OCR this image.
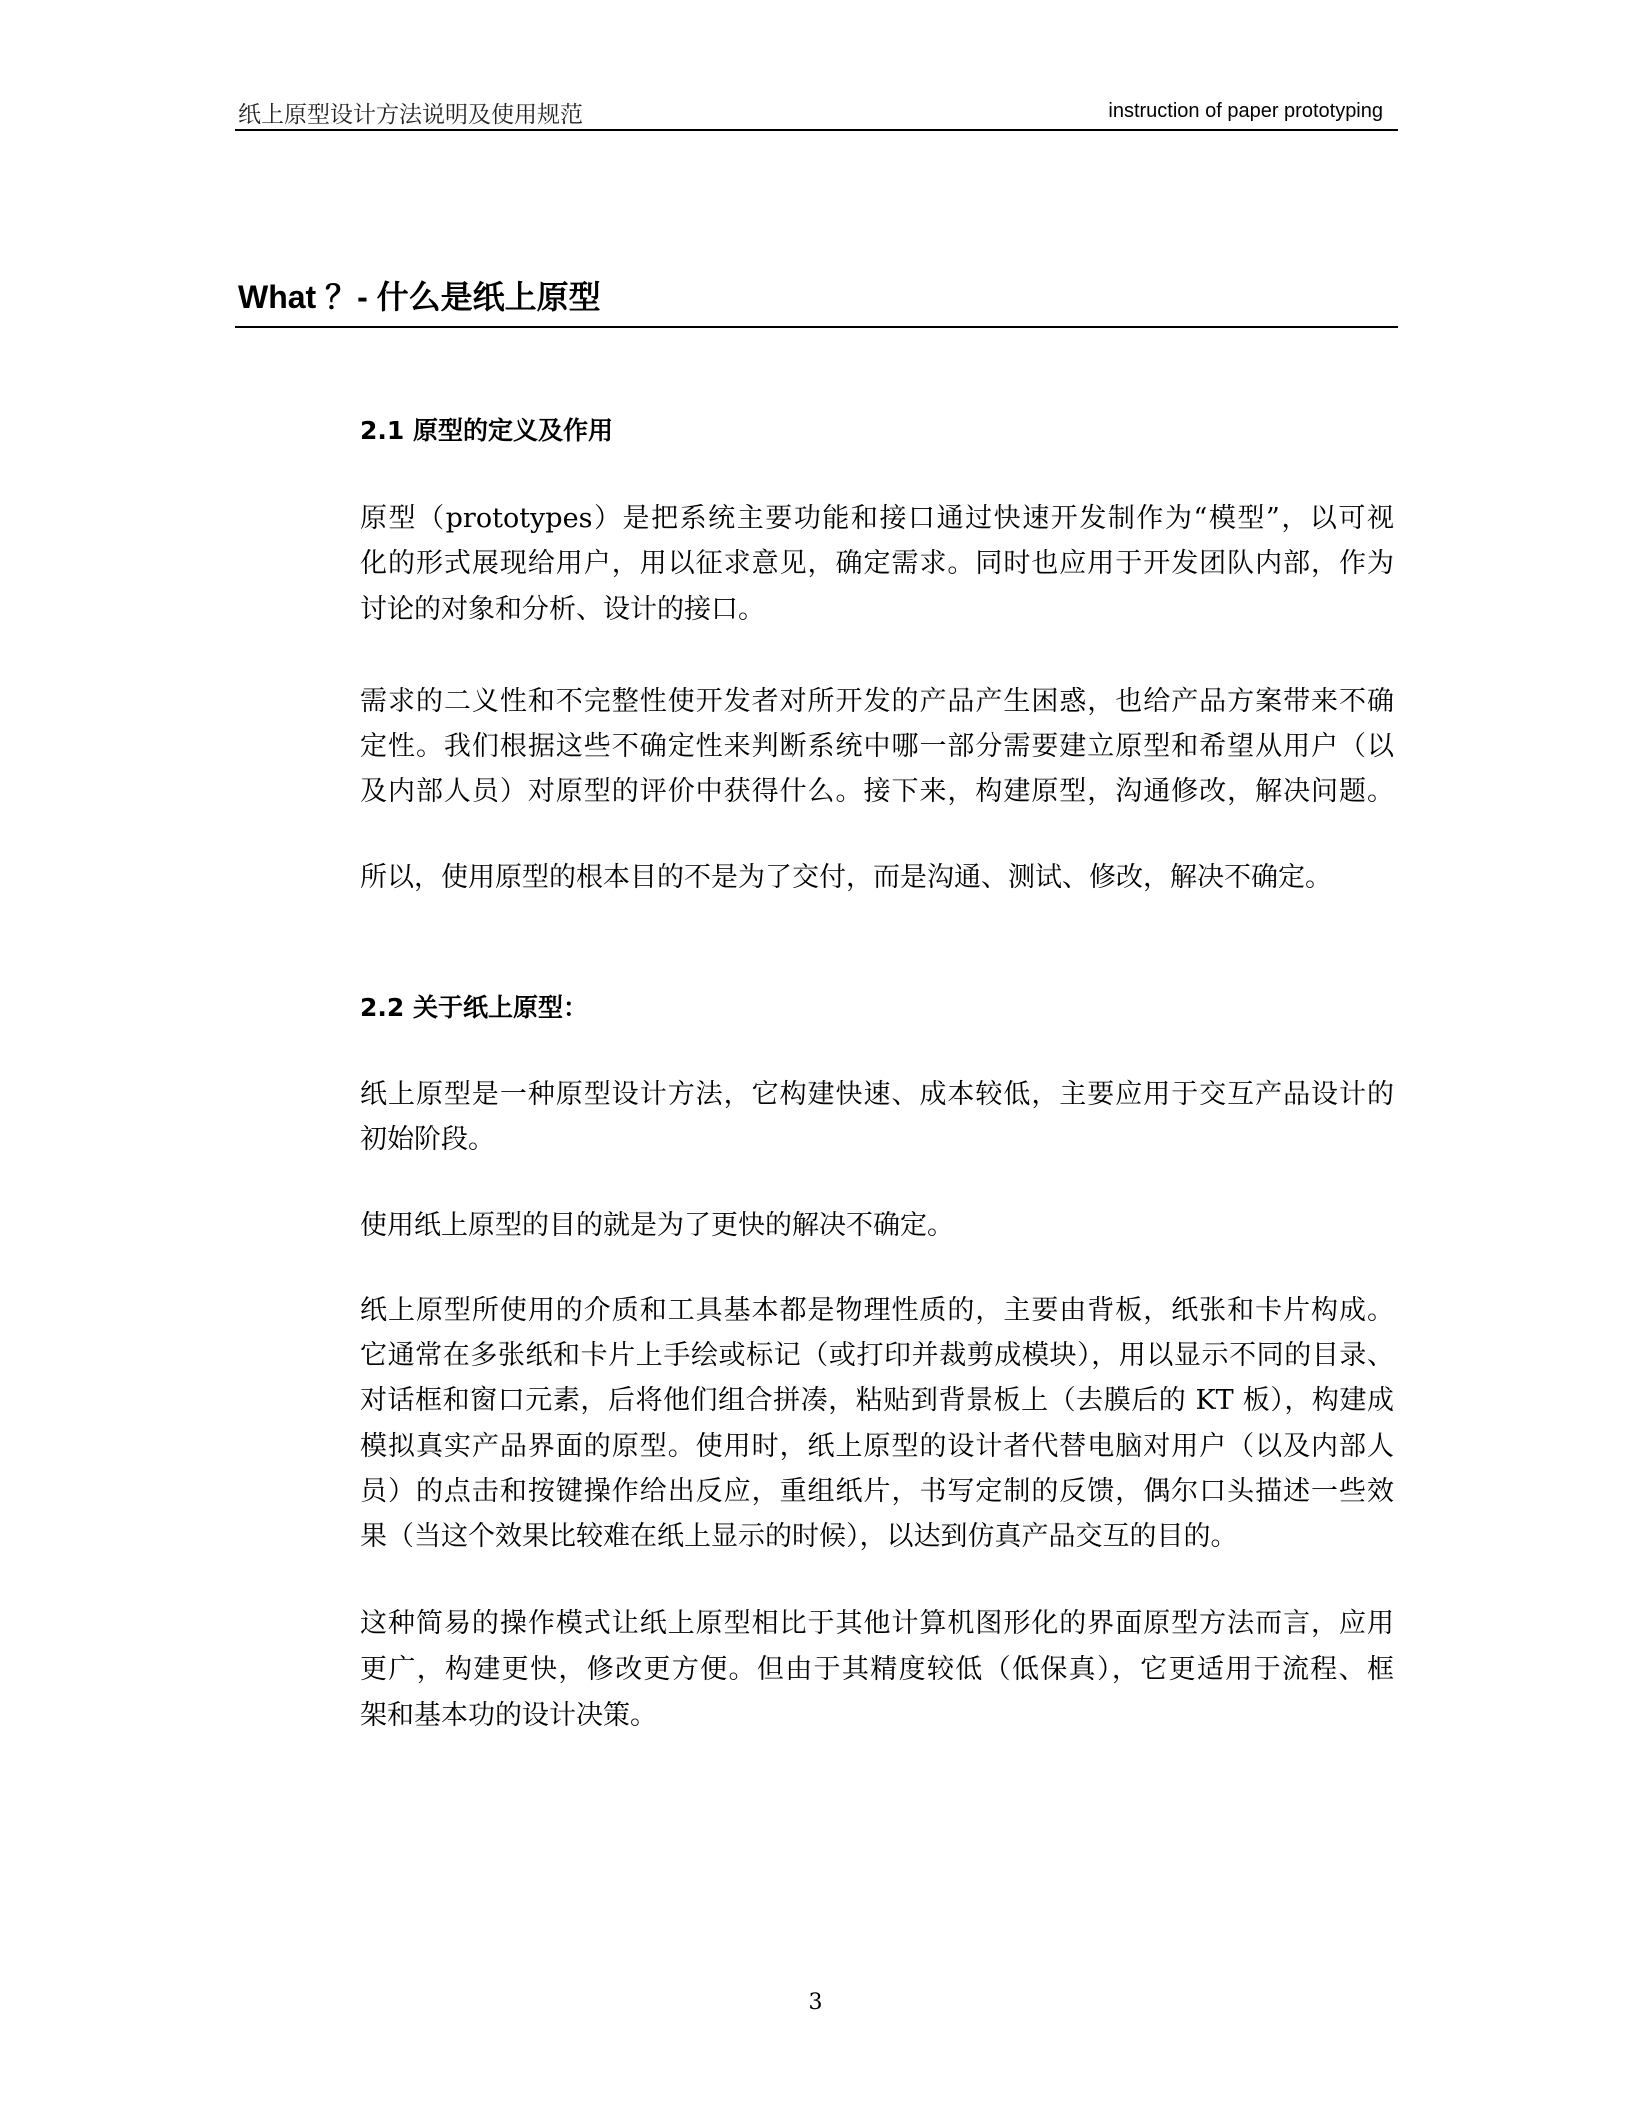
纸上原型设计方法说明及使用规范	instruction of paper prototyping
What ？- 什么是纸上原型
2.1 原型的定义及作用
2.2 关于纸上原型：
原型（prototypes）是把系统主要功能和接口通过快速开发制作为“模型”，以可视
化的形式展现给用户，用以征求意见，确定需求。同时也应用于开发团队内部，作为
讨论的对象和分析、设计的接口。
需求的二义性和不完整性使开发者对所开发的产品产生困惑，也给产品方案带来不确
定性。我们根据这些不确定性来判断系统中哪一部分需要建立原型和希望从用户（以
及内部人员）对原型的评价中获得什么。接下来，构建原型，沟通修改，解决问题。
所以，使用原型的根本目的不是为了交付，而是沟通、测试、修改，解决不确定。
纸上原型是一种原型设计方法，它构建快速、成本较低，主要应用于交互产品设计的
初始阶段。
使用纸上原型的目的就是为了更快的解决不确定。
纸上原型所使用的介质和工具基本都是物理性质的，主要由背板，纸张和卡片构成。
它通常在多张纸和卡片上手绘或标记（或打印并裁剪成模块），用以显示不同的目录、
对话框和窗口元素，后将他们组合拼凑，粘贴到背景板上（去膜后的 KT 板），构建成
模拟真实产品界面的原型。使用时，纸上原型的设计者代替电脑对用户（以及内部人
员）的点击和按键操作给出反应，重组纸片，书写定制的反馈，偶尔口头描述一些效
果（当这个效果比较难在纸上显示的时候），以达到仿真产品交互的目的。
这种简易的操作模式让纸上原型相比于其他计算机图形化的界面原型方法而言，应用
更广，构建更快，修改更方便。但由于其精度较低（低保真），它更适用于流程、框
架和基本功的设计决策。
3
